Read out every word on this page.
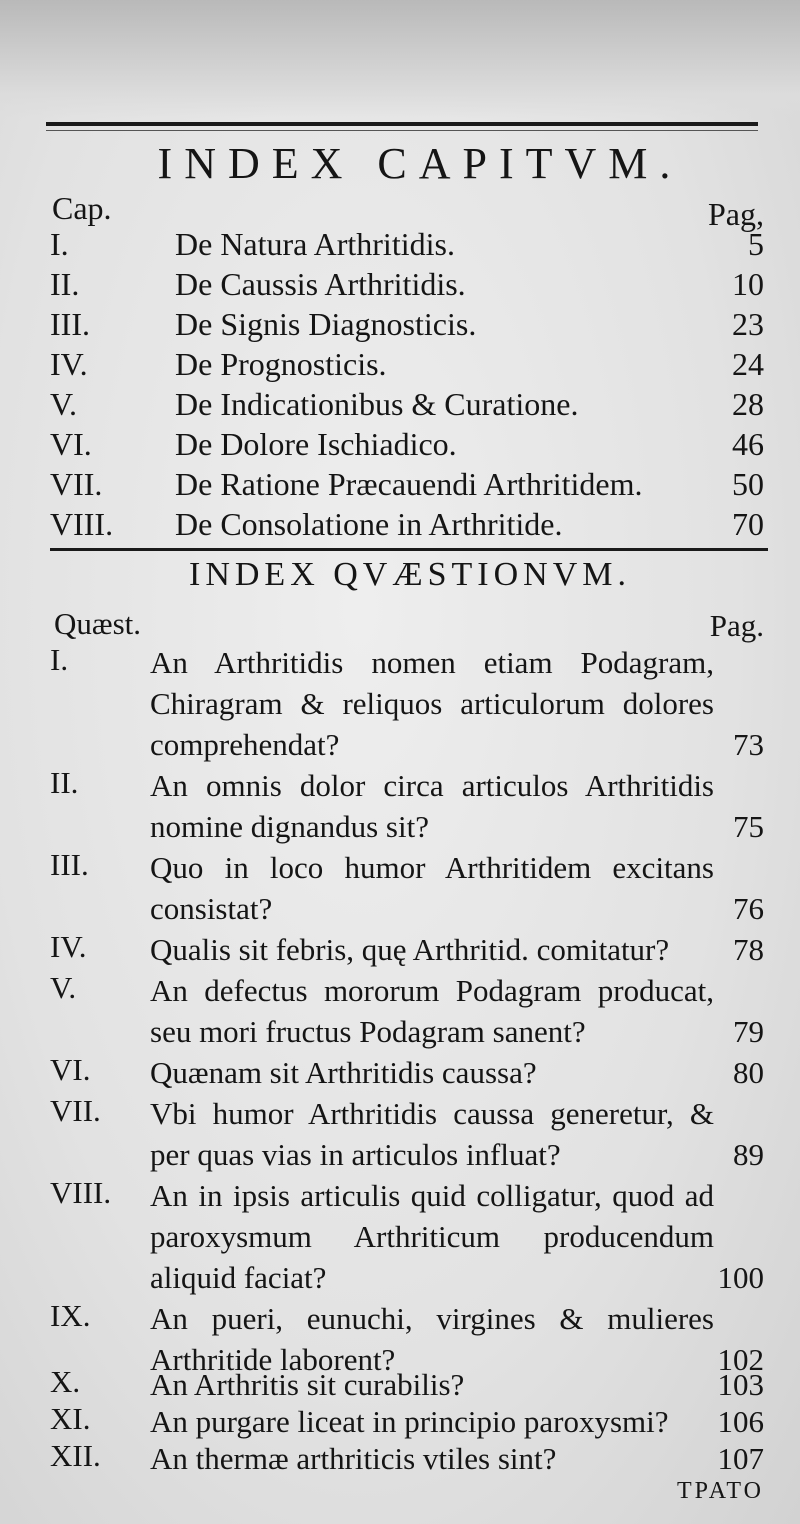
INDEX CAPITVM.
Cap.	Pag,
I.	De Natura Arthritidis.	5
II.	De Caussis Arthritidis.	10
III.	De Signis Diagnosticis.	23
IV.	De Prognosticis.	24
V.	De Indicationibus & Curatione.	28
VI.	De Dolore Ischiadico.	46
VII. De Ratione Præcauendi Arthritidem.	50
VIII. De Consolatione in Arthritide.	70
INDEX QVÆSTIONVM.
Quæst.	Pag.
I.	An Arthritidis nomen etiam Podagram, Chiragram & reliquos articulorum dolores comprehendat?	73
II. An omnis dolor circa articulos Arthritidis nomine dignandus sit?	75
III. Quo in loco humor Arthritidem excitans consistat?	76
IV. Qualis sit febris, quę Arthritid. comitatur?	78
V. An defectus mororum Podagram producat, seu mori fructus Podagram sanent?	79
VI. Quænam sit Arthritidis caussa?	80
VII. Vbi humor Arthritidis caussa generetur, & per quas vias in articulos influat?	89
VIII. An in ipsis articulis quid colligatur, quod ad paroxysmum Arthriticum producendum aliquid faciat?	100
IX. An pueri, eunuchi, virgines & mulieres Arthritide laborent?	102
X. An Arthritis sit curabilis?	103
XI. An purgare liceat in principio paroxysmi?	106
XII. An thermæ arthriticis vtiles sint?	107
TPATO
